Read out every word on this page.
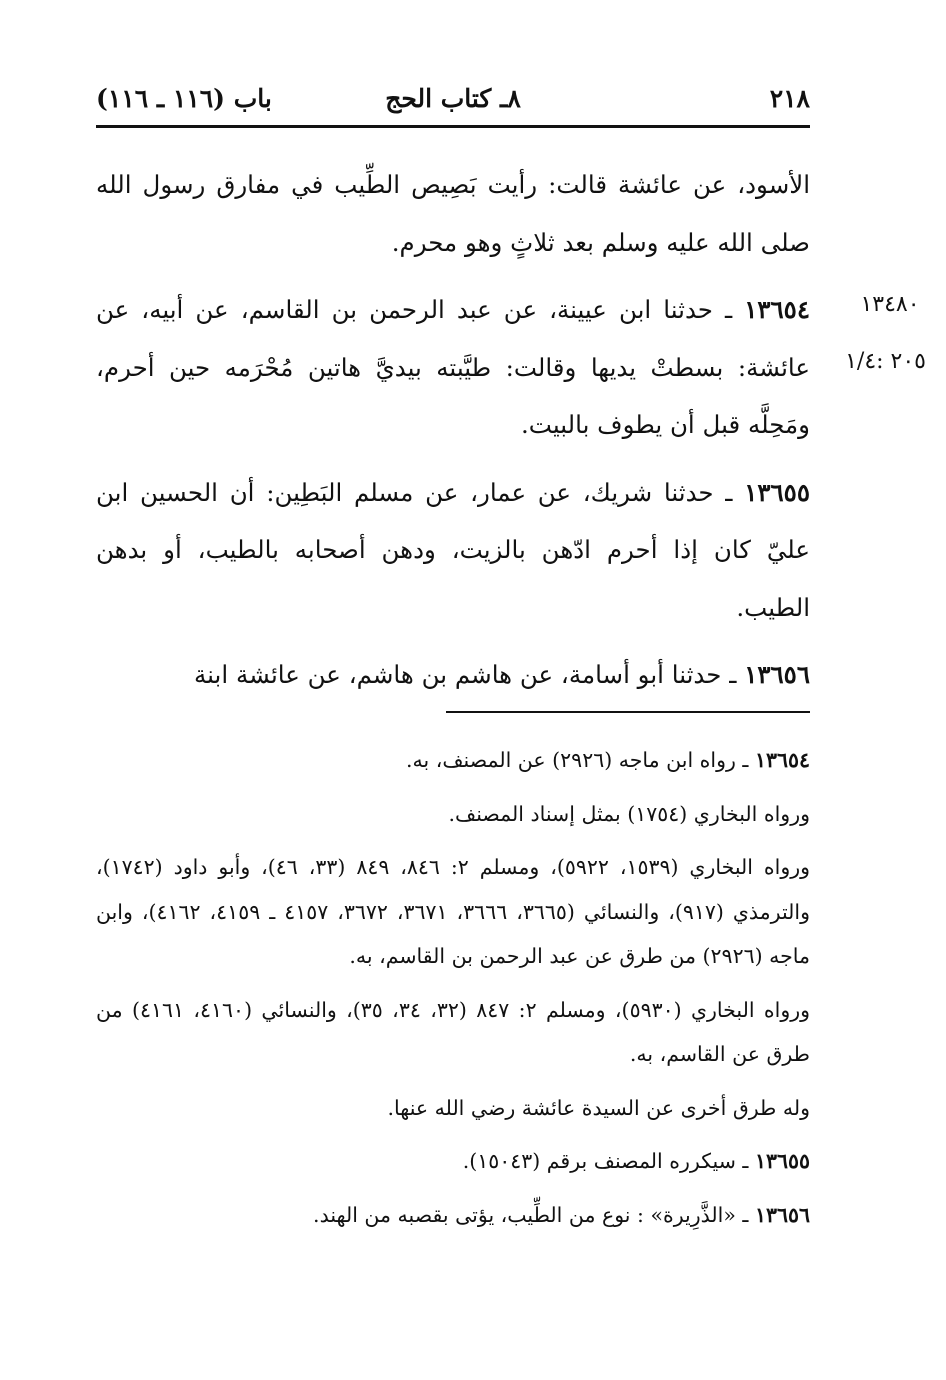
٢١٨
٨ـ كتاب الحج
باب (١١٦ ـ ١١٦)
١٣٤٨٠
٢٠٥ :١/٤

الأسود، عن عائشة قالت: رأيت بَصِيص الطِّيب في مفارق رسول الله صلى الله عليه وسلم بعد ثلاثٍ وهو محرم.

١٣٦٥٤ ـ حدثنا ابن عيينة، عن عبد الرحمن بن القاسم، عن أبيه، عن عائشة: بسطتْ يديها وقالت: طيَّبته بيديَّ هاتين مُحْرَمه حين أحرم، ومَحِلَّه قبل أن يطوف بالبيت.

١٣٦٥٥ ـ حدثنا شريك، عن عمار، عن مسلم البَطِين: أن الحسين ابن عليّ كان إذا أحرم ادّهن بالزيت، ودهن أصحابه بالطيب، أو بدهن الطيب.

١٣٦٥٦ ـ حدثنا أبو أسامة، عن هاشم بن هاشم، عن عائشة ابنة

١٣٦٥٤ ـ رواه ابن ماجه (٢٩٢٦) عن المصنف، به.

ورواه البخاري (١٧٥٤) بمثل إسناد المصنف.

ورواه البخاري (١٥٣٩، ٥٩٢٢)، ومسلم ٢: ٨٤٦، ٨٤٩ (٣٣، ٤٦)، وأبو داود (١٧٤٢)، والترمذي (٩١٧)، والنسائي (٣٦٦٥، ٣٦٦٦، ٣٦٧١، ٣٦٧٢، ٤١٥٧ ـ ٤١٥٩، ٤١٦٢)، وابن ماجه (٢٩٢٦) من طرق عن عبد الرحمن بن القاسم، به.

ورواه البخاري (٥٩٣٠)، ومسلم ٢: ٨٤٧ (٣٢، ٣٤، ٣٥)، والنسائي (٤١٦٠، ٤١٦١) من طرق عن القاسم، به.

وله طرق أخرى عن السيدة عائشة رضي الله عنها.

١٣٦٥٥ ـ سيكرره المصنف برقم (١٥٠٤٣).

١٣٦٥٦ ـ «الذَّرِيرة» : نوع من الطِّيب، يؤتى بقصبه من الهند.
